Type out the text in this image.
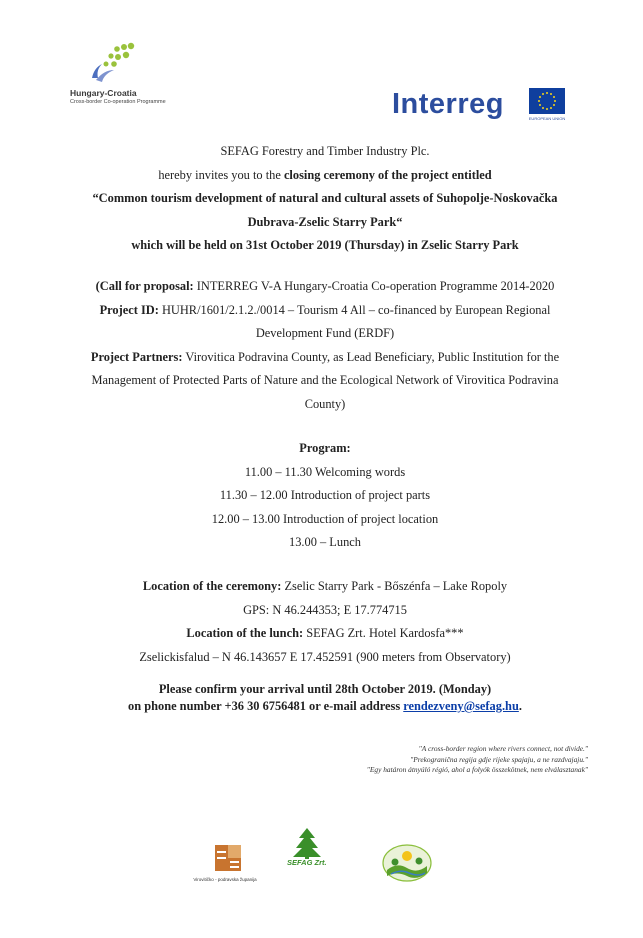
Hungary-Croatia
Cross-border Co-operation Programme	Interreg	EUROPEAN UNION
SEFAG Forestry and Timber Industry Plc.
hereby invites you to the closing ceremony of the project entitled
“Common tourism development of natural and cultural assets of Suhopolje-Noskovačka
Dubrava-Zselic Starry Park“
which will be held on 31st October 2019 (Thursday) in Zselic Starry Park
(Call for proposal: INTERREG V-A Hungary-Croatia Co-operation Programme 2014-2020
Project ID: HUHR/1601/2.1.2./0014 – Tourism 4 All – co-financed by European Regional
Development Fund (ERDF)
Project Partners: Virovitica Podravina County, as Lead Beneficiary, Public Institution for the
Management of Protected Parts of Nature and the Ecological Network of Virovitica Podravina
County)
Program:
11.00 – 11.30 Welcoming words
11.30 – 12.00 Introduction of project parts
12.00 – 13.00 Introduction of project location
13.00 – Lunch
Location of the ceremony: Zselic Starry Park - Bőszénfa – Lake Ropoly
GPS: N 46.244353; E 17.774715
Location of the lunch: SEFAG Zrt. Hotel Kardosfa***
Zselickisfalud – N 46.143657 E 17.452591 (900 meters from Observatory)
Please confirm your arrival until 28th October 2019. (Monday)
on phone number +36 30 6756481 or e-mail address rendezveny@sefag.hu.
"A cross-border region where rivers connect, not divide."
"Prekogranična regija gdje rijeke spajaju, a ne razdvajaju."
"Egy határon átnyúló régió, ahol a folyók összekötnek, nem elválasztanak"
Virovitičko - podravska županija
SEFAG Zrt.
